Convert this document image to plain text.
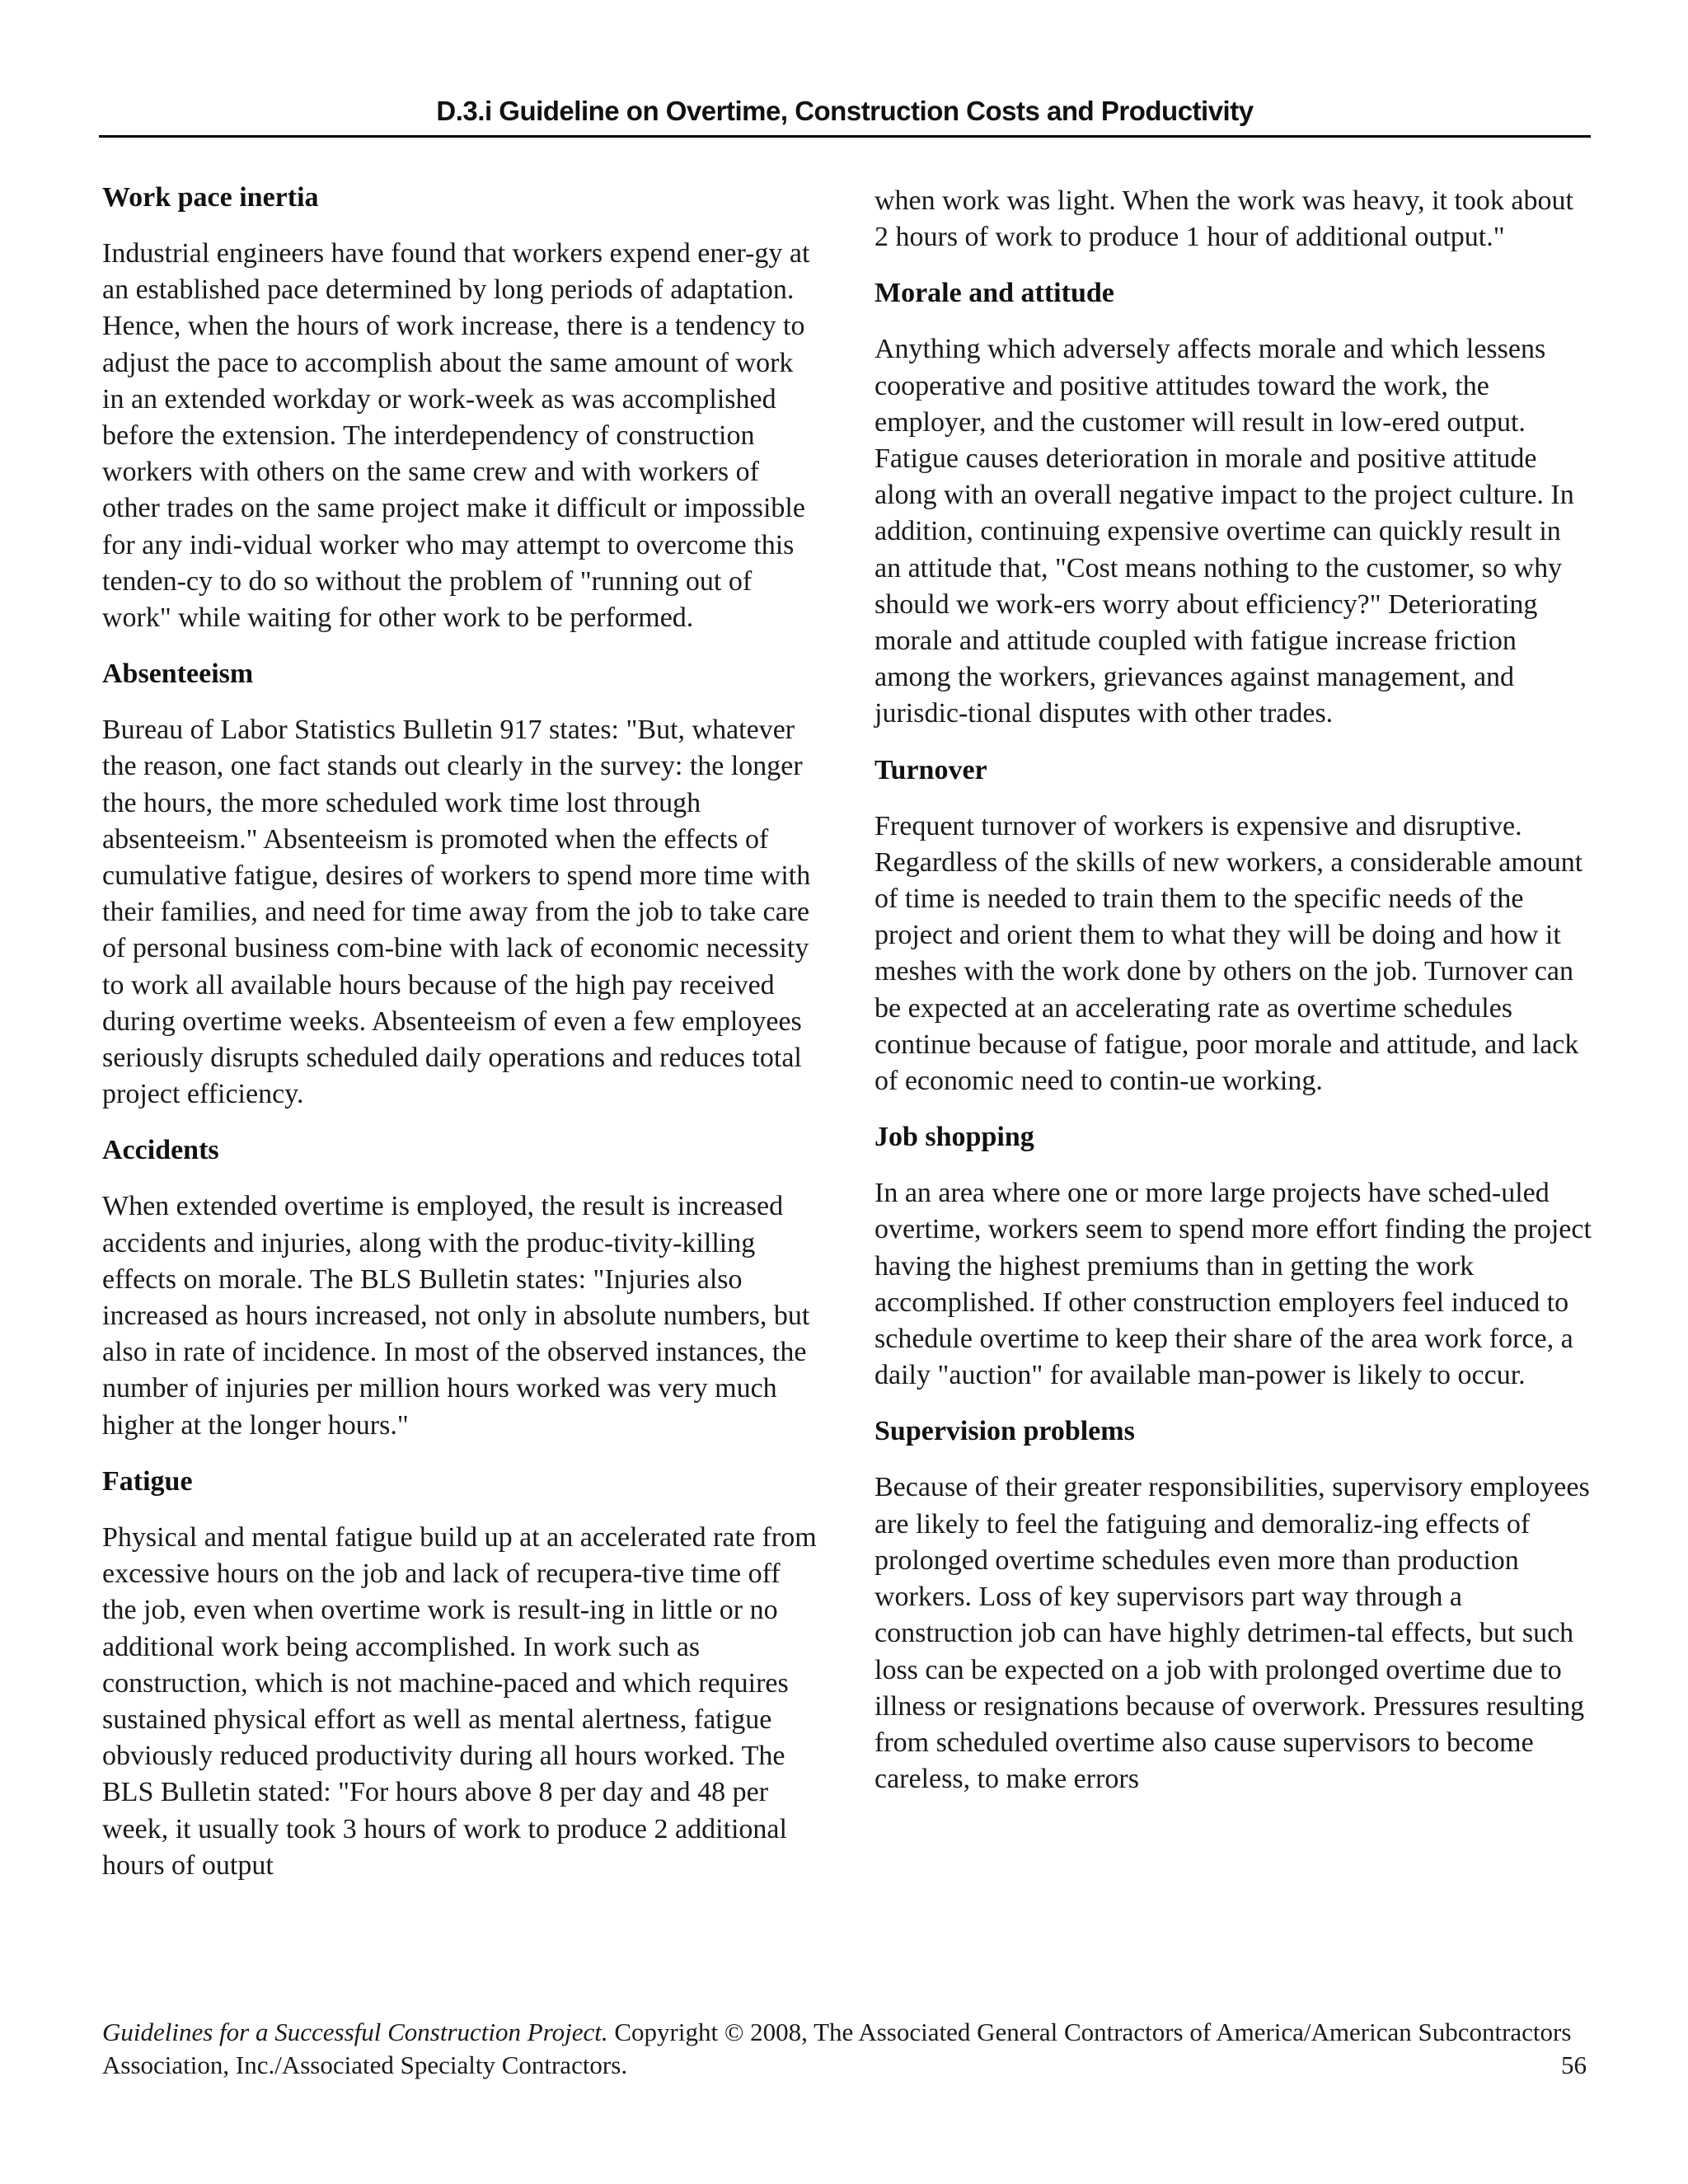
D.3.i Guideline on Overtime, Construction Costs and Productivity
Work pace inertia

Industrial engineers have found that workers expend ener-gy at an established pace determined by long periods of adaptation. Hence, when the hours of work increase, there is a tendency to adjust the pace to accomplish about the same amount of work in an extended workday or work-week as was accomplished before the extension. The interdependency of construction workers with others on the same crew and with workers of other trades on the same project make it difficult or impossible for any indi-vidual worker who may attempt to overcome this tenden-cy to do so without the problem of "running out of work" while waiting for other work to be performed.

Absenteeism

Bureau of Labor Statistics Bulletin 917 states: "But, whatever the reason, one fact stands out clearly in the survey: the longer the hours, the more scheduled work time lost through absenteeism." Absenteeism is promoted when the effects of cumulative fatigue, desires of workers to spend more time with their families, and need for time away from the job to take care of personal business com-bine with lack of economic necessity to work all available hours because of the high pay received during overtime weeks. Absenteeism of even a few employees seriously disrupts scheduled daily operations and reduces total project efficiency.

Accidents

When extended overtime is employed, the result is increased accidents and injuries, along with the produc-tivity-killing effects on morale. The BLS Bulletin states: "Injuries also increased as hours increased, not only in absolute numbers, but also in rate of incidence. In most of the observed instances, the number of injuries per million hours worked was very much higher at the longer hours."

Fatigue

Physical and mental fatigue build up at an accelerated rate from excessive hours on the job and lack of recupera-tive time off the job, even when overtime work is result-ing in little or no additional work being accomplished. In work such as construction, which is not machine-paced and which requires sustained physical effort as well as mental alertness, fatigue obviously reduced productivity during all hours worked. The BLS Bulletin stated: "For hours above 8 per day and 48 per week, it usually took 3 hours of work to produce 2 additional hours of output

when work was light. When the work was heavy, it took about 2 hours of work to produce 1 hour of additional output."

Morale and attitude

Anything which adversely affects morale and which lessens cooperative and positive attitudes toward the work, the employer, and the customer will result in low-ered output. Fatigue causes deterioration in morale and positive attitude along with an overall negative impact to the project culture. In addition, continuing expensive overtime can quickly result in an attitude that, "Cost means nothing to the customer, so why should we work-ers worry about efficiency?" Deteriorating morale and attitude coupled with fatigue increase friction among the workers, grievances against management, and jurisdic-tional disputes with other trades.

Turnover

Frequent turnover of workers is expensive and disruptive. Regardless of the skills of new workers, a considerable amount of time is needed to train them to the specific needs of the project and orient them to what they will be doing and how it meshes with the work done by others on the job. Turnover can be expected at an accelerating rate as overtime schedules continue because of fatigue, poor morale and attitude, and lack of economic need to contin-ue working.

Job shopping

In an area where one or more large projects have sched-uled overtime, workers seem to spend more effort finding the project having the highest premiums than in getting the work accomplished. If other construction employers feel induced to schedule overtime to keep their share of the area work force, a daily "auction" for available man-power is likely to occur.

Supervision problems

Because of their greater responsibilities, supervisory employees are likely to feel the fatiguing and demoraliz-ing effects of prolonged overtime schedules even more than production workers. Loss of key supervisors part way through a construction job can have highly detrimen-tal effects, but such loss can be expected on a job with prolonged overtime due to illness or resignations because of overwork. Pressures resulting from scheduled overtime also cause supervisors to become careless, to make errors

Guidelines for a Successful Construction Project. Copyright © 2008, The Associated General Contractors of America/American Subcontractors Association, Inc./Associated Specialty Contractors.	56
